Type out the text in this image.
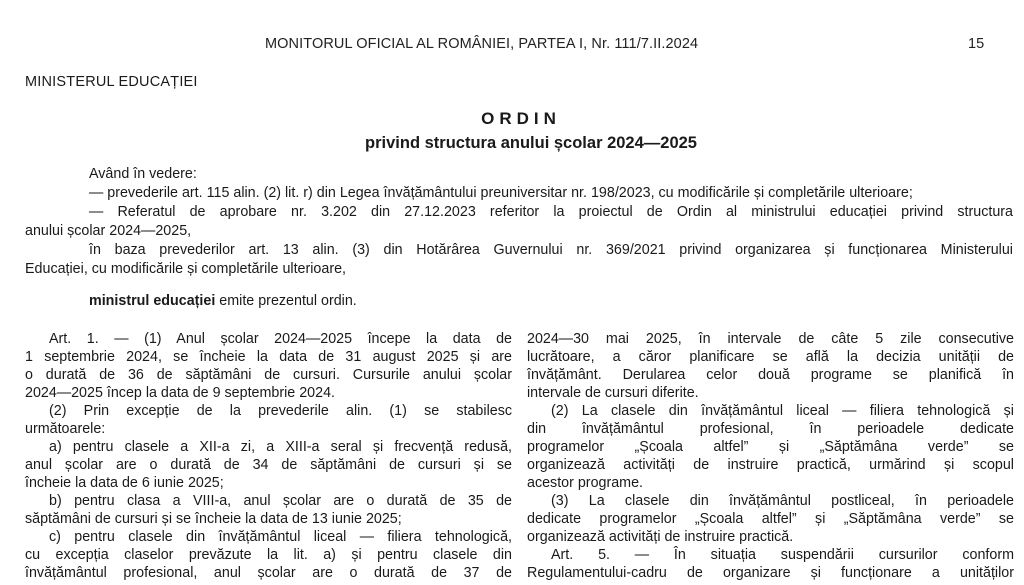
MONITORUL OFICIAL AL ROMÂNIEI, PARTEA I, Nr. 111/7.II.2024	15
MINISTERUL EDUCAȚIEI
ORDIN
privind structura anului școlar 2024—2025
Având în vedere:
— prevederile art. 115 alin. (2) lit. r) din Legea învățământului preuniversitar nr. 198/2023, cu modificările și completările ulterioare;
— Referatul de aprobare nr. 3.202 din 27.12.2023 referitor la proiectul de Ordin al ministrului educației privind structura
anului școlar 2024—2025,
în baza prevederilor art. 13 alin. (3) din Hotărârea Guvernului nr. 369/2021 privind organizarea și funcționarea Ministerului
Educației, cu modificările și completările ulterioare,
ministrul educației emite prezentul ordin.
Art. 1. — (1) Anul școlar 2024—2025 începe la data de
1 septembrie 2024, se încheie la data de 31 august 2025 și are
o durată de 36 de săptămâni de cursuri. Cursurile anului școlar
2024—2025 încep la data de 9 septembrie 2024.
(2) Prin excepție de la prevederile alin. (1) se stabilesc
următoarele:
a) pentru clasele a XII-a zi, a XIII-a seral și frecvență redusă,
anul școlar are o durată de 34 de săptămâni de cursuri și se
încheie la data de 6 iunie 2025;
b) pentru clasa a VIII-a, anul școlar are o durată de 35 de
săptămâni de cursuri și se încheie la data de 13 iunie 2025;
c) pentru clasele din învățământul liceal — filiera tehnologică,
cu excepția claselor prevăzute la lit. a) și pentru clasele din
învățământul profesional, anul școlar are o durată de 37 de
2024—30 mai 2025, în intervale de câte 5 zile consecutive
lucrătoare, a căror planificare se află la decizia unității de
învățământ. Derularea celor două programe se planifică în
intervale de cursuri diferite.
(2) La clasele din învățământul liceal — filiera tehnologică și
din învățământul profesional, în perioadele dedicate
programelor „Școala altfel” și „Săptămâna verde” se
organizează activități de instruire practică, urmărind și scopul
acestor programe.
(3) La clasele din învățământul postliceal, în perioadele
dedicate programelor „Școala altfel” și „Săptămâna verde” se
organizează activități de instruire practică.
Art. 5. — În situația suspendării cursurilor conform
Regulamentului-cadru de organizare și funcționare a unităților
